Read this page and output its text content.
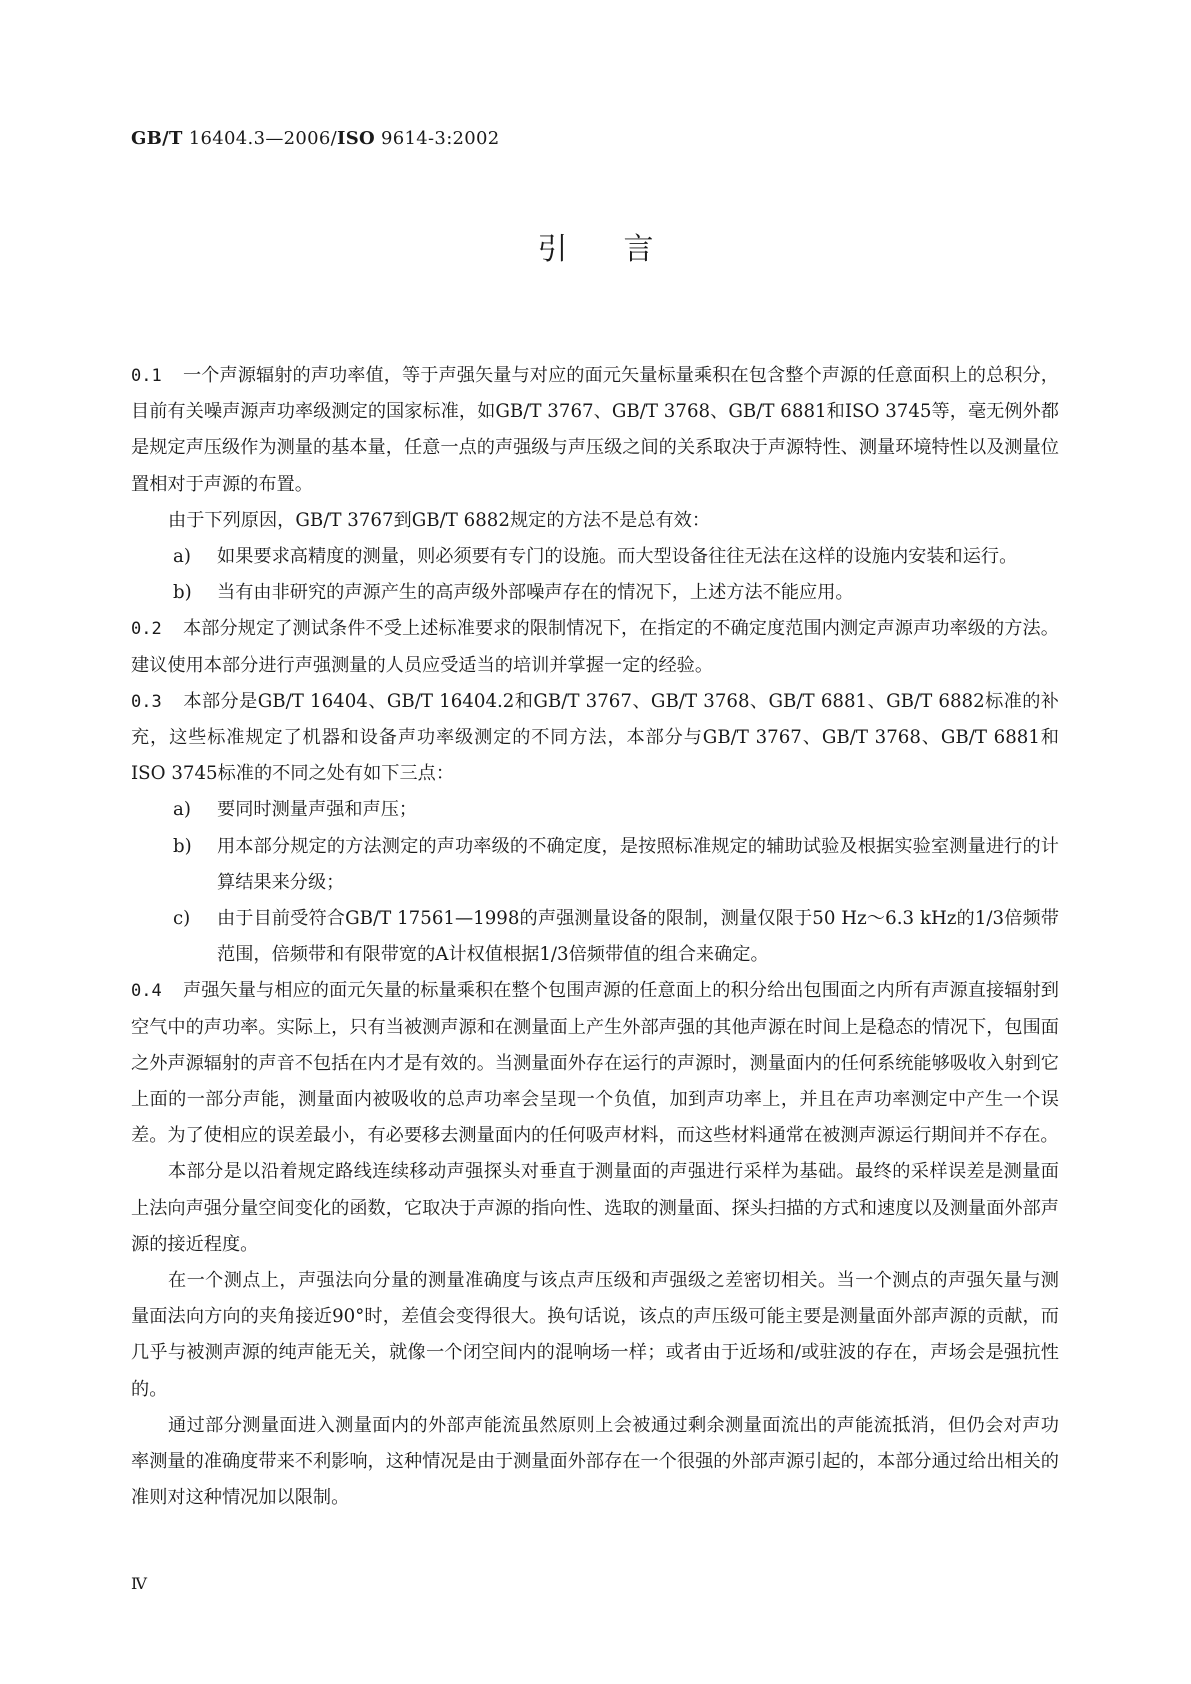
GB/T 16404.3—2006/ISO 9614-3:2002
引言

0.1 一个声源辐射的声功率值，等于声强矢量与对应的面元矢量标量乘积在包含整个声源的任意面积上的总积分，目前有关噪声源声功率级测定的国家标准，如GB/T 3767、GB/T 3768、GB/T 6881和ISO 3745等，毫无例外都是规定声压级作为测量的基本量，任意一点的声强级与声压级之间的关系取决于声源特性、测量环境特性以及测量位置相对于声源的布置。

由于下列原因，GB/T 3767到GB/T 6882规定的方法不是总有效：

a) 如果要求高精度的测量，则必须要有专门的设施。而大型设备往往无法在这样的设施内安装和运行。

b) 当有由非研究的声源产生的高声级外部噪声存在的情况下，上述方法不能应用。

0.2 本部分规定了测试条件不受上述标准要求的限制情况下，在指定的不确定度范围内测定声源声功率级的方法。建议使用本部分进行声强测量的人员应受适当的培训并掌握一定的经验。

0.3 本部分是GB/T 16404、GB/T 16404.2和GB/T 3767、GB/T 3768、GB/T 6881、GB/T 6882标准的补充，这些标准规定了机器和设备声功率级测定的不同方法，本部分与GB/T 3767、GB/T 3768、GB/T 6881和ISO 3745标准的不同之处有如下三点：

a) 要同时测量声强和声压；

b) 用本部分规定的方法测定的声功率级的不确定度，是按照标准规定的辅助试验及根据实验室测量进行的计算结果来分级；

c) 由于目前受符合GB/T 17561—1998的声强测量设备的限制，测量仅限于50 Hz～6.3 kHz的1/3倍频带范围，倍频带和有限带宽的A计权值根据1/3倍频带值的组合来确定。

0.4 声强矢量与相应的面元矢量的标量乘积在整个包围声源的任意面上的积分给出包围面之内所有声源直接辐射到空气中的声功率。实际上，只有当被测声源和在测量面上产生外部声强的其他声源在时间上是稳态的情况下，包围面之外声源辐射的声音不包括在内才是有效的。当测量面外存在运行的声源时，测量面内的任何系统能够吸收入射到它上面的一部分声能，测量面内被吸收的总声功率会呈现一个负值，加到声功率上，并且在声功率测定中产生一个误差。为了使相应的误差最小，有必要移去测量面内的任何吸声材料，而这些材料通常在被测声源运行期间并不存在。

本部分是以沿着规定路线连续移动声强探头对垂直于测量面的声强进行采样为基础。最终的采样误差是测量面上法向声强分量空间变化的函数，它取决于声源的指向性、选取的测量面、探头扫描的方式和速度以及测量面外部声源的接近程度。

在一个测点上，声强法向分量的测量准确度与该点声压级和声强级之差密切相关。当一个测点的声强矢量与测量面法向方向的夹角接近90°时，差值会变得很大。换句话说，该点的声压级可能主要是测量面外部声源的贡献，而几乎与被测声源的纯声能无关，就像一个闭空间内的混响场一样；或者由于近场和/或驻波的存在，声场会是强抗性的。

通过部分测量面进入测量面内的外部声能流虽然原则上会被通过剩余测量面流出的声能流抵消，但仍会对声功率测量的准确度带来不利影响，这种情况是由于测量面外部存在一个很强的外部声源引起的，本部分通过给出相关的准则对这种情况加以限制。

Ⅳ
